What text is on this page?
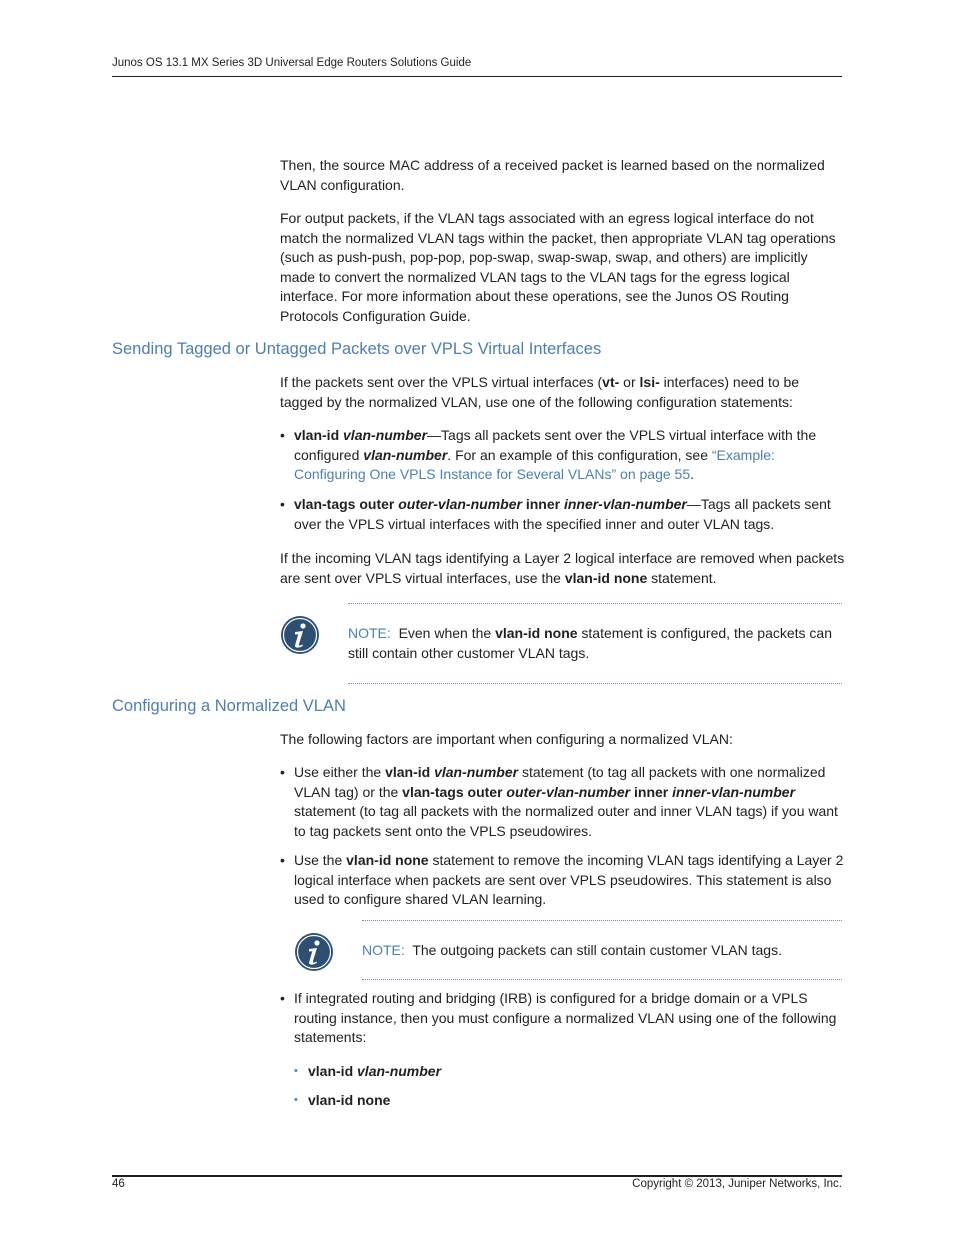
Junos OS 13.1 MX Series 3D Universal Edge Routers Solutions Guide
Then, the source MAC address of a received packet is learned based on the normalized VLAN configuration.
For output packets, if the VLAN tags associated with an egress logical interface do not match the normalized VLAN tags within the packet, then appropriate VLAN tag operations (such as push-push, pop-pop, pop-swap, swap-swap, swap, and others) are implicitly made to convert the normalized VLAN tags to the VLAN tags for the egress logical interface. For more information about these operations, see the Junos OS Routing Protocols Configuration Guide.
Sending Tagged or Untagged Packets over VPLS Virtual Interfaces
If the packets sent over the VPLS virtual interfaces (vt- or lsi- interfaces) need to be tagged by the normalized VLAN, use one of the following configuration statements:
• vlan-id vlan-number—Tags all packets sent over the VPLS virtual interface with the configured vlan-number. For an example of this configuration, see “Example: Configuring One VPLS Instance for Several VLANs” on page 55.
• vlan-tags outer outer-vlan-number inner inner-vlan-number—Tags all packets sent over the VPLS virtual interfaces with the specified inner and outer VLAN tags.
If the incoming VLAN tags identifying a Layer 2 logical interface are removed when packets are sent over VPLS virtual interfaces, use the vlan-id none statement.
NOTE: Even when the vlan-id none statement is configured, the packets can still contain other customer VLAN tags.
Configuring a Normalized VLAN
The following factors are important when configuring a normalized VLAN:
• Use either the vlan-id vlan-number statement (to tag all packets with one normalized VLAN tag) or the vlan-tags outer outer-vlan-number inner inner-vlan-number statement (to tag all packets with the normalized outer and inner VLAN tags) if you want to tag packets sent onto the VPLS pseudowires.
• Use the vlan-id none statement to remove the incoming VLAN tags identifying a Layer 2 logical interface when packets are sent over VPLS pseudowires. This statement is also used to configure shared VLAN learning.
NOTE: The outgoing packets can still contain customer VLAN tags.
• If integrated routing and bridging (IRB) is configured for a bridge domain or a VPLS routing instance, then you must configure a normalized VLAN using one of the following statements:
• vlan-id vlan-number
• vlan-id none
46	Copyright © 2013, Juniper Networks, Inc.
